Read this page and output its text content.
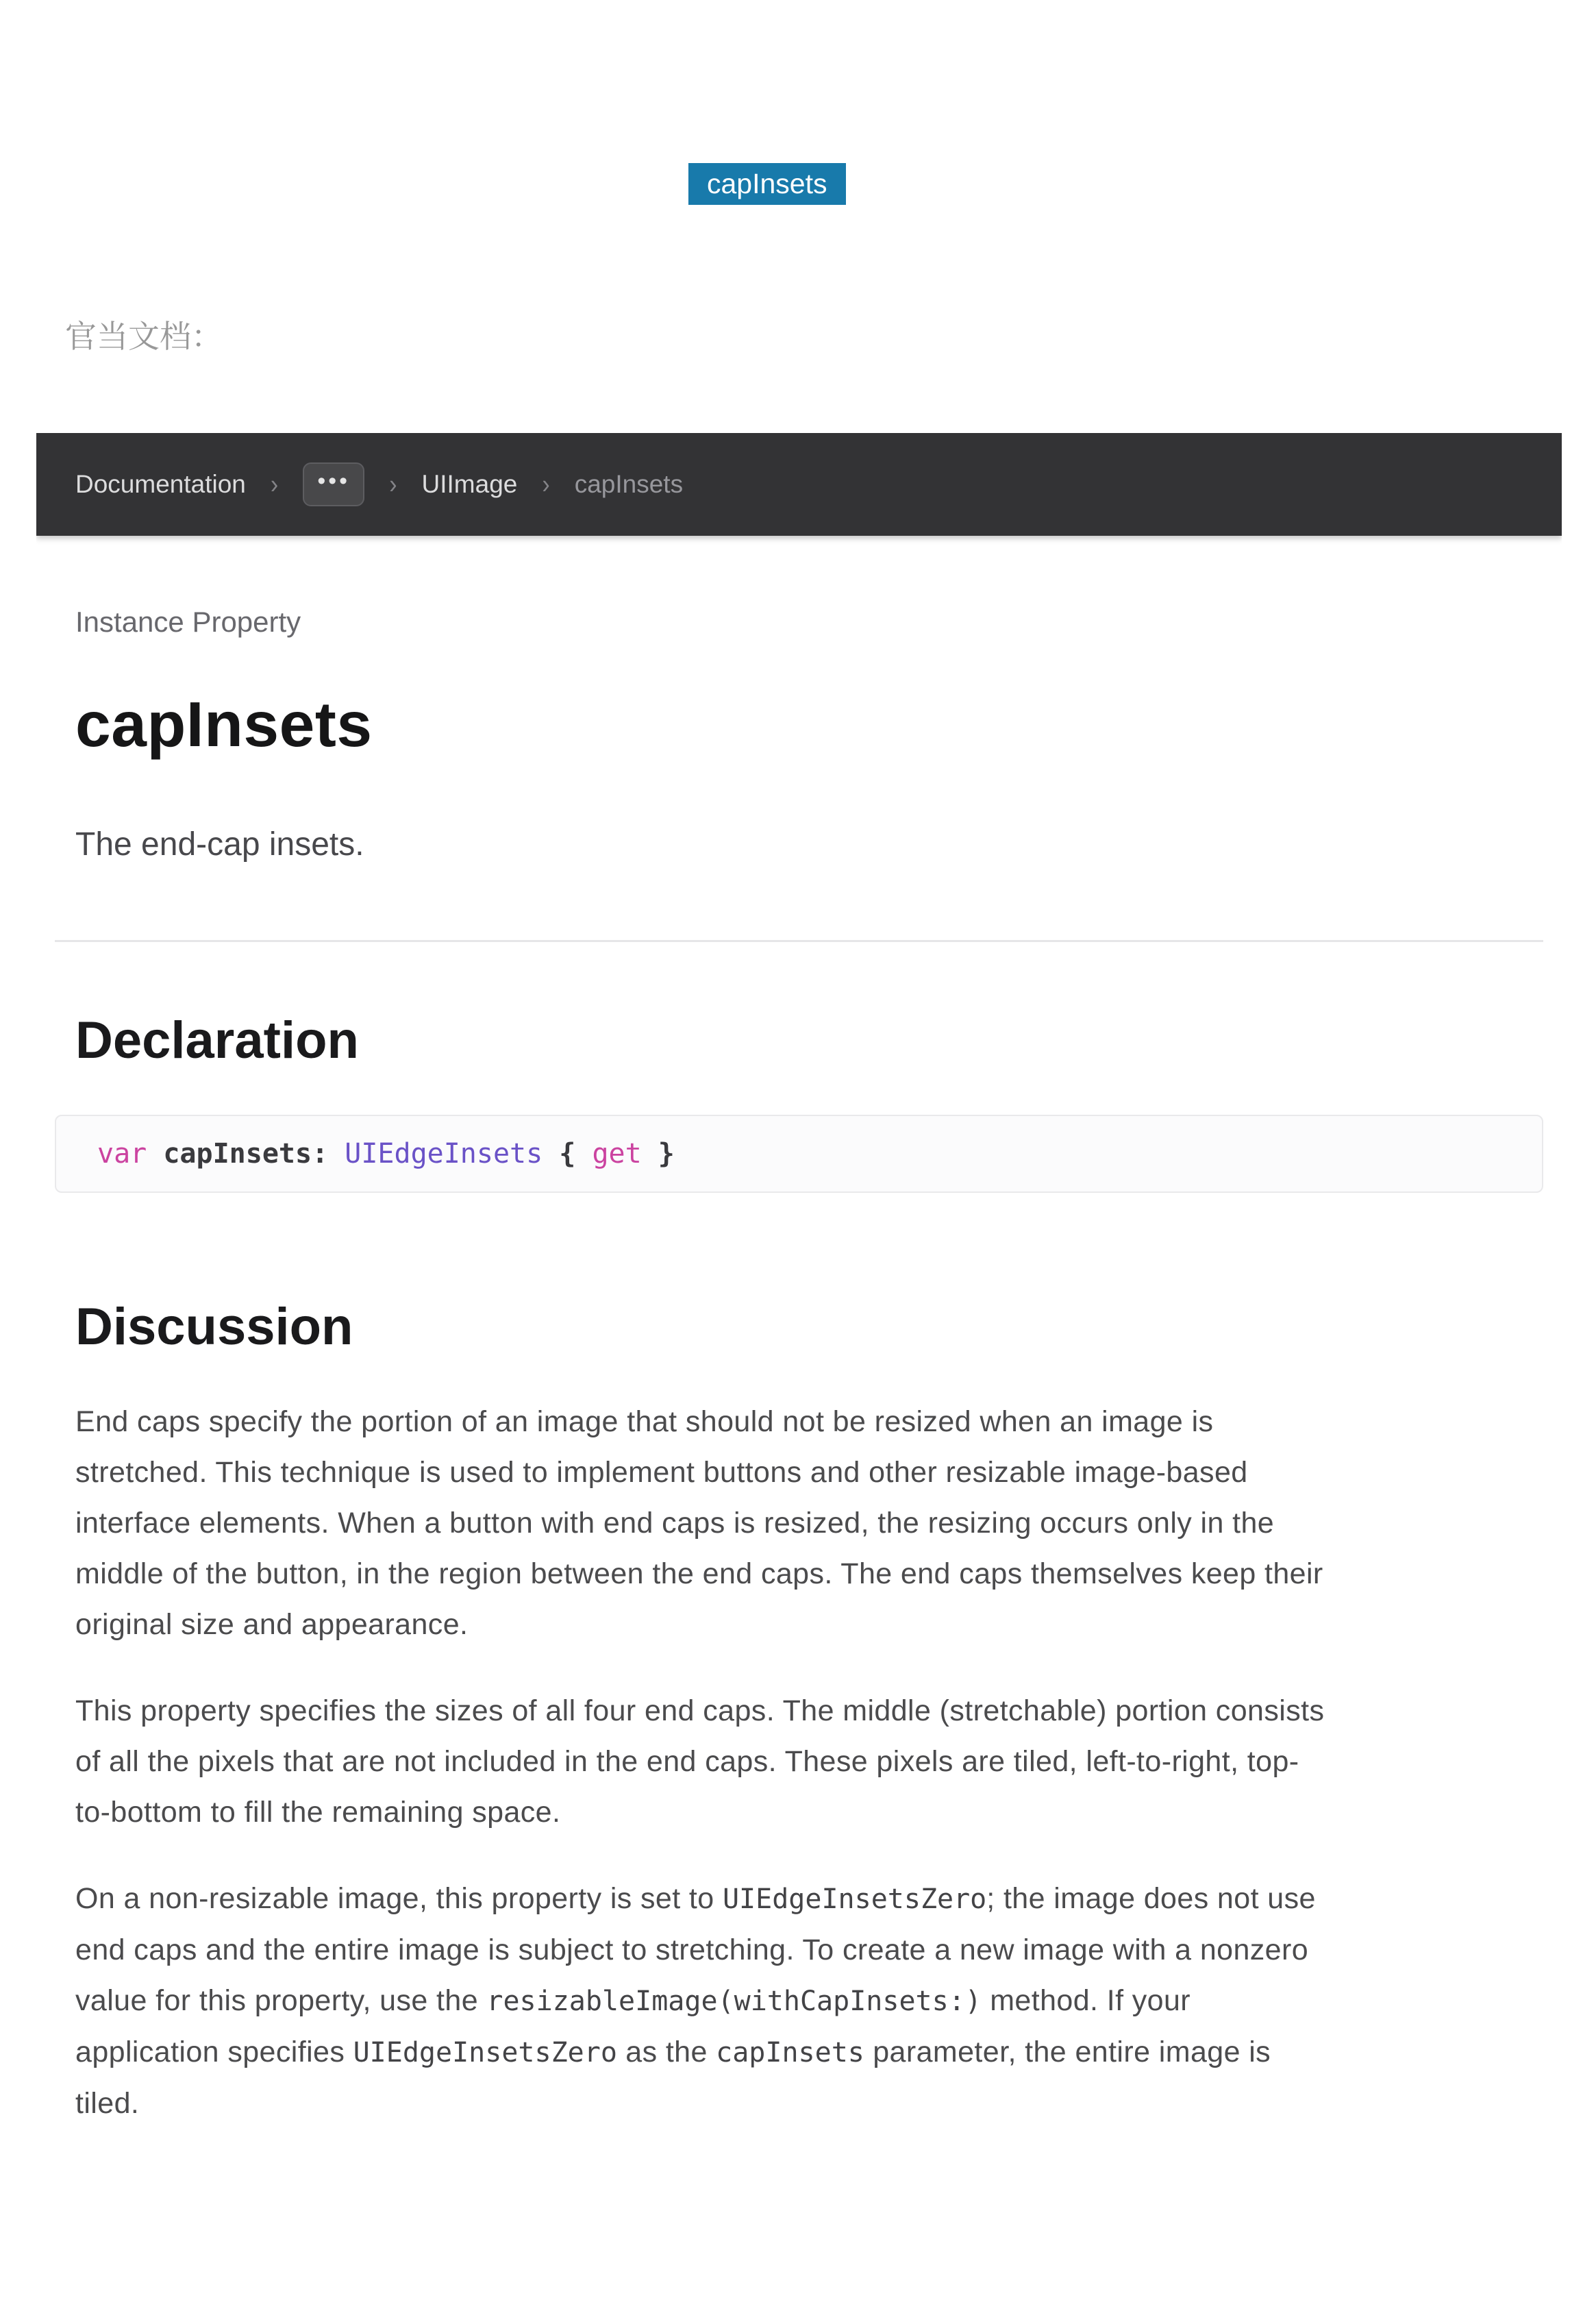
capInsets
官当文档：
Documentation ›	•••	› UIImage › capInsets
Instance Property
capInsets
The end-cap insets.
Declaration
var capInsets: UIEdgeInsets { get }
Discussion
End caps specify the portion of an image that should not be resized when an image is
stretched. This technique is used to implement buttons and other resizable image-based
interface elements. When a button with end caps is resized, the resizing occurs only in the
middle of the button, in the region between the end caps. The end caps themselves keep their
original size and appearance.
This property specifies the sizes of all four end caps. The middle (stretchable) portion consists
of all the pixels that are not included in the end caps. These pixels are tiled, left-to-right, top-
to-bottom to fill the remaining space.
On a non-resizable image, this property is set to UIEdgeInsetsZero; the image does not use
end caps and the entire image is subject to stretching. To create a new image with a nonzero
value for this property, use the resizableImage(withCapInsets:) method. If your
application specifies UIEdgeInsetsZero as the capInsets parameter, the entire image is
tiled.
